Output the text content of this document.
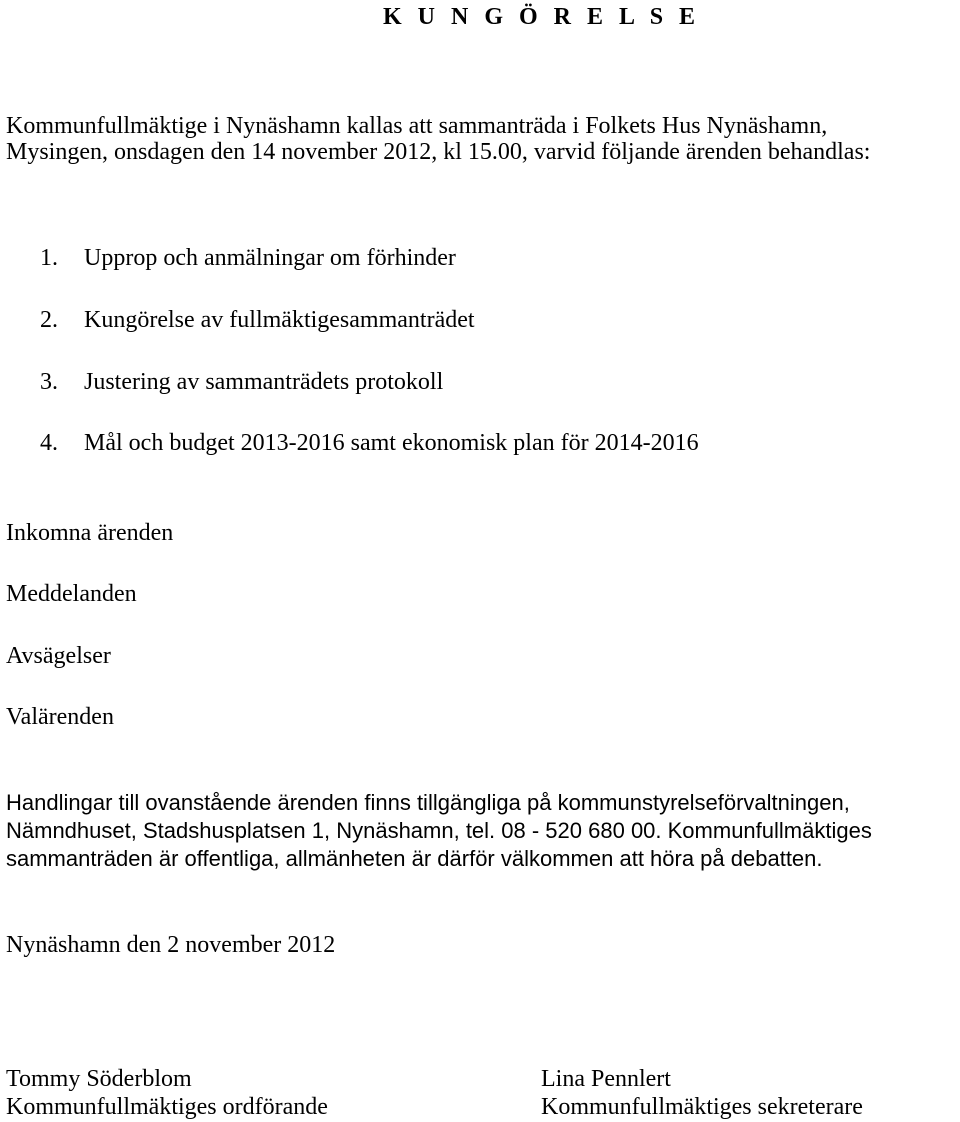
K U N G Ö R E L S E

Kommunfullmäktige i Nynäshamn kallas att sammanträda i Folkets Hus Nynäshamn,

Mysingen, onsdagen den 14 november 2012, kl 15.00, varvid följande ärenden behandlas:

1. Upprop och anmälningar om förhinder
2. Kungörelse av fullmäktigesammanträdet
3. Justering av sammanträdets protokoll
4. Mål och budget 2013-2016 samt ekonomisk plan för 2014-2016

Inkomna ärenden

Meddelanden

Avsägelser

Valärenden

Handlingar till ovanstående ärenden finns tillgängliga på kommunstyrelseförvaltningen,

Nämndhuset, Stadshusplatsen 1, Nynäshamn, tel. 08 - 520 680 00. Kommunfullmäktiges

sammanträden är offentliga, allmänheten är därför välkommen att höra på debatten.

Nynäshamn den 2 november 2012

Tommy Söderblom

Kommunfullmäktiges ordförande

Lina Pennlert

Kommunfullmäktiges sekreterare
